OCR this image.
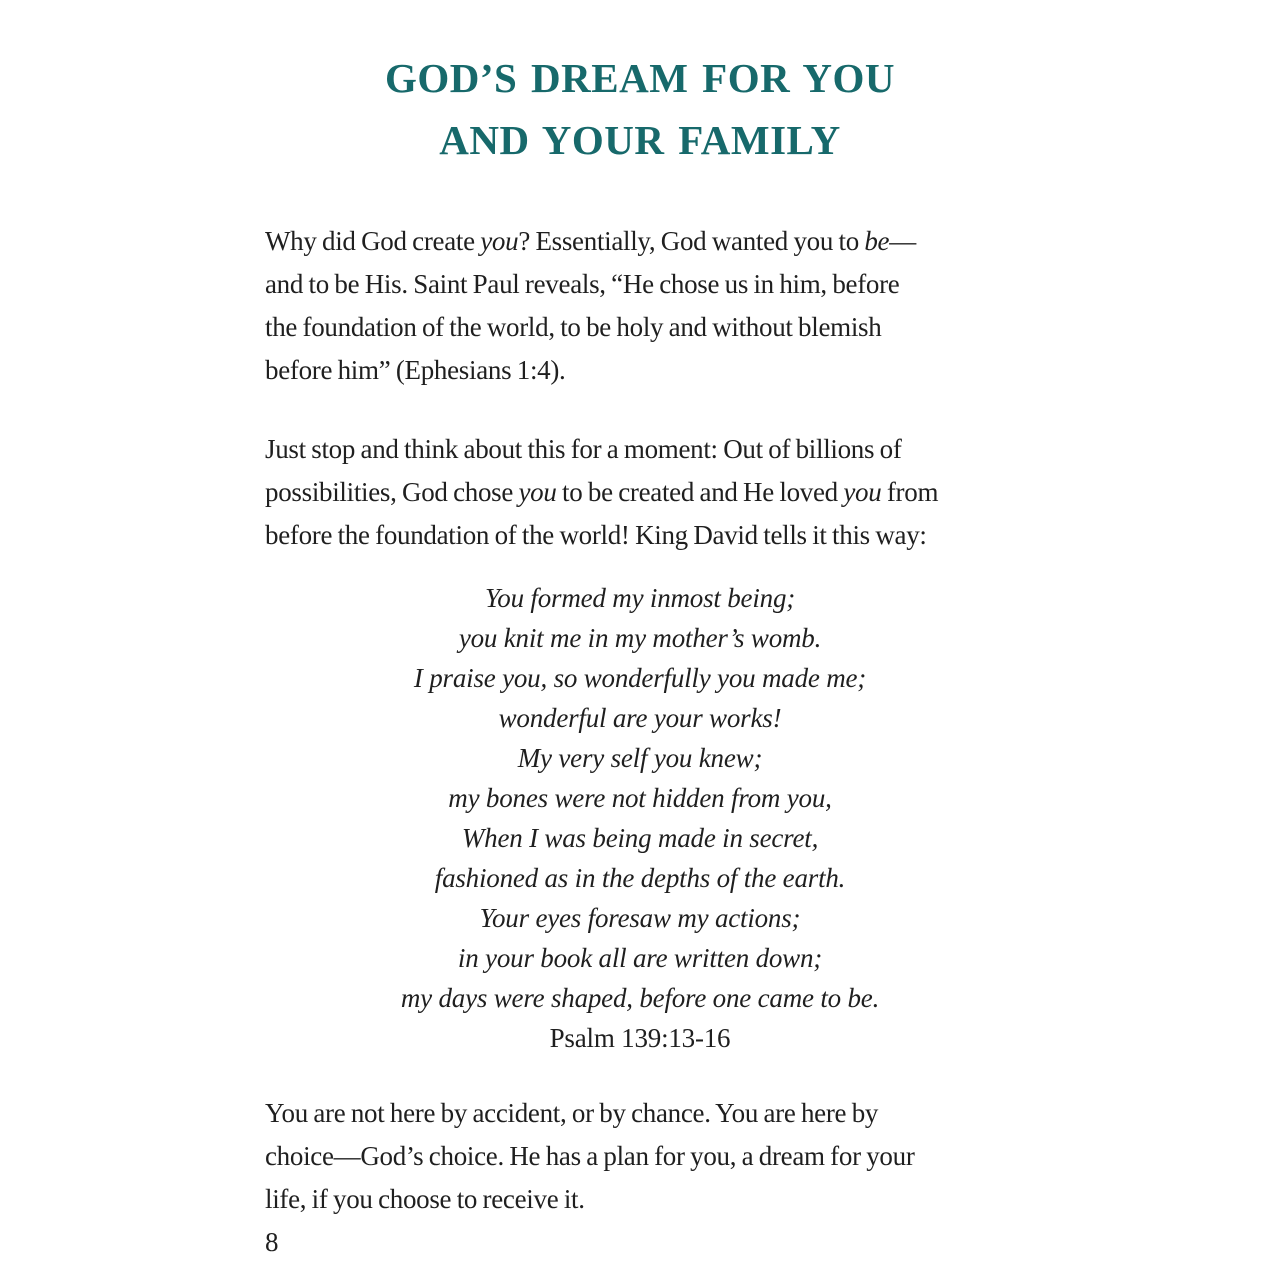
GOD’S DREAM FOR YOU
AND YOUR FAMILY

Why did God create you? Essentially, God wanted you to be—
and to be His. Saint Paul reveals, “He chose us in him, before
the foundation of the world, to be holy and without blemish
before him” (Ephesians 1:4).

Just stop and think about this for a moment: Out of billions of
possibilities, God chose you to be created and He loved you from
before the foundation of the world! King David tells it this way:

You formed my inmost being;
you knit me in my mother’s womb.
I praise you, so wonderfully you made me;
wonderful are your works!
My very self you knew;
my bones were not hidden from you,
When I was being made in secret,
fashioned as in the depths of the earth.
Your eyes foresaw my actions;
in your book all are written down;
my days were shaped, before one came to be.
Psalm 139:13-16

You are not here by accident, or by chance. You are here by
choice—God’s choice. He has a plan for you, a dream for your
life, if you choose to receive it.

8
